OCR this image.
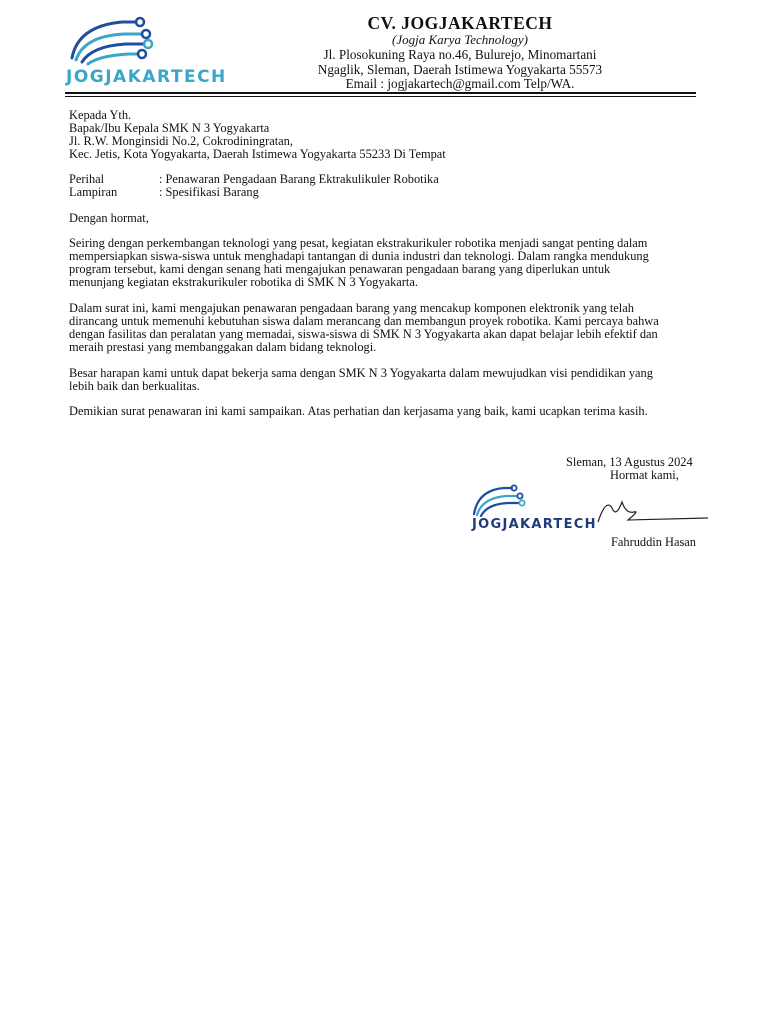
JOGJAKARTECH
CV. JOGJAKARTECH
(Jogja Karya Technology)
Jl. Plosokuning Raya no.46, Bulurejo, Minomartani
Ngaglik, Sleman, Daerah Istimewa Yogyakarta 55573
Email : jogjakartech@gmail.com Telp/WA.
Kepada Yth.
Bapak/Ibu Kepala SMK N 3 Yogyakarta
Jl. R.W. Monginsidi No.2, Cokrodiningratan,
Kec. Jetis, Kota Yogyakarta, Daerah Istimewa Yogyakarta 55233 Di Tempat
Perihal	: Penawaran Pengadaan Barang Ektrakulikuler Robotika
Lampiran	: Spesifikasi Barang
Dengan hormat,
Seiring dengan perkembangan teknologi yang pesat, kegiatan ekstrakurikuler robotika menjadi sangat penting dalam
mempersiapkan siswa-siswa untuk menghadapi tantangan di dunia industri dan teknologi. Dalam rangka mendukung
program tersebut, kami dengan senang hati mengajukan penawaran pengadaan barang yang diperlukan untuk
menunjang kegiatan ekstrakurikuler robotika di SMK N 3 Yogyakarta.
Dalam surat ini, kami mengajukan penawaran pengadaan barang yang mencakup komponen elektronik yang telah
dirancang untuk memenuhi kebutuhan siswa dalam merancang dan membangun proyek robotika. Kami percaya bahwa
dengan fasilitas dan peralatan yang memadai, siswa-siswa di SMK N 3 Yogyakarta akan dapat belajar lebih efektif dan
meraih prestasi yang membanggakan dalam bidang teknologi.
Besar harapan kami untuk dapat bekerja sama dengan SMK N 3 Yogyakarta dalam mewujudkan visi pendidikan yang
lebih baik dan berkualitas.
Demikian surat penawaran ini kami sampaikan. Atas perhatian dan kerjasama yang baik, kami ucapkan terima kasih.
Sleman, 13 Agustus 2024
Hormat kami,
JOGJAKARTECH
Fahruddin Hasan
